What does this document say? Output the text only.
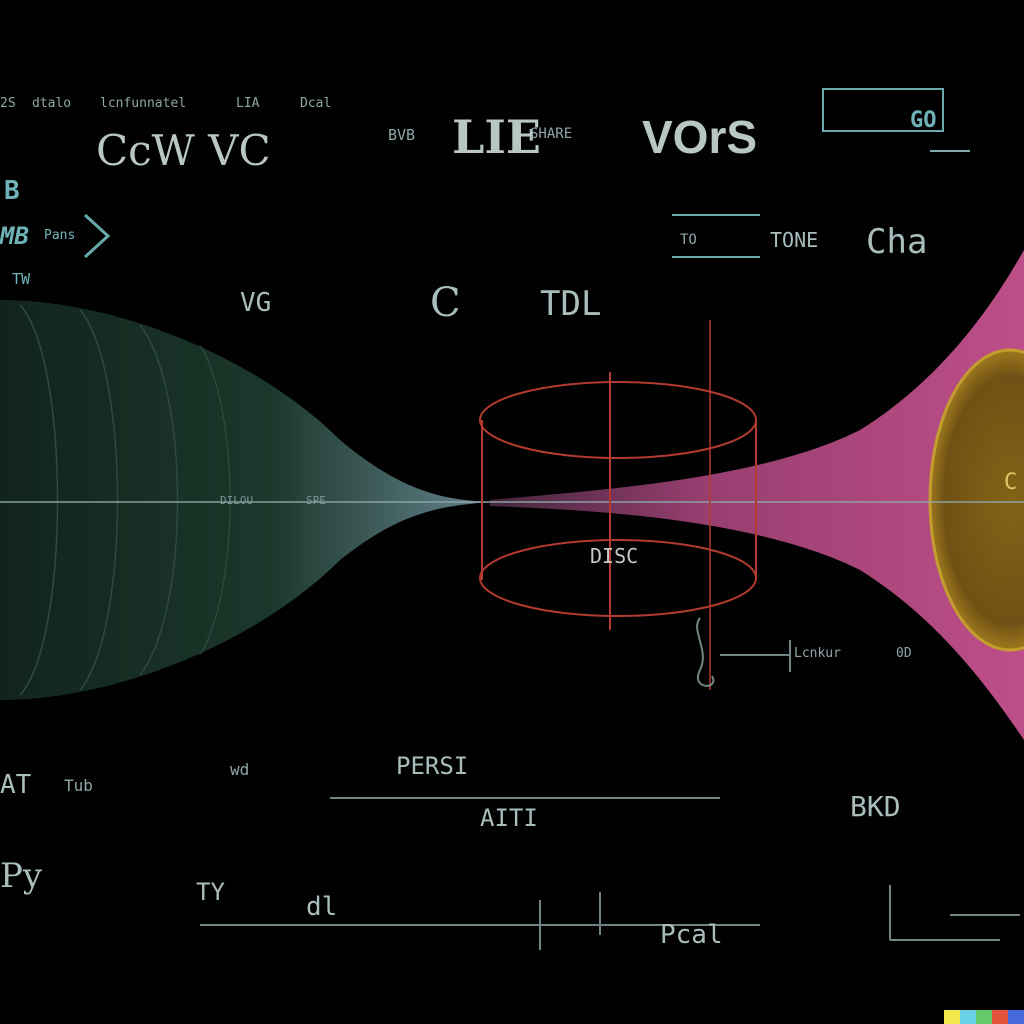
2S dtalo lcnfunnatel	LIA	Dcal
CcW VC	BVB LIE
SHARE VOrS	GO
B
MB Pans
TW
TO	TONE Cha
VG	C TDL
DILOU	SPE
DISC
C
Lcnkur	0D
AT Tub
PERSI
AITI	BKD
wd
Py	TY	dl
Pcal
